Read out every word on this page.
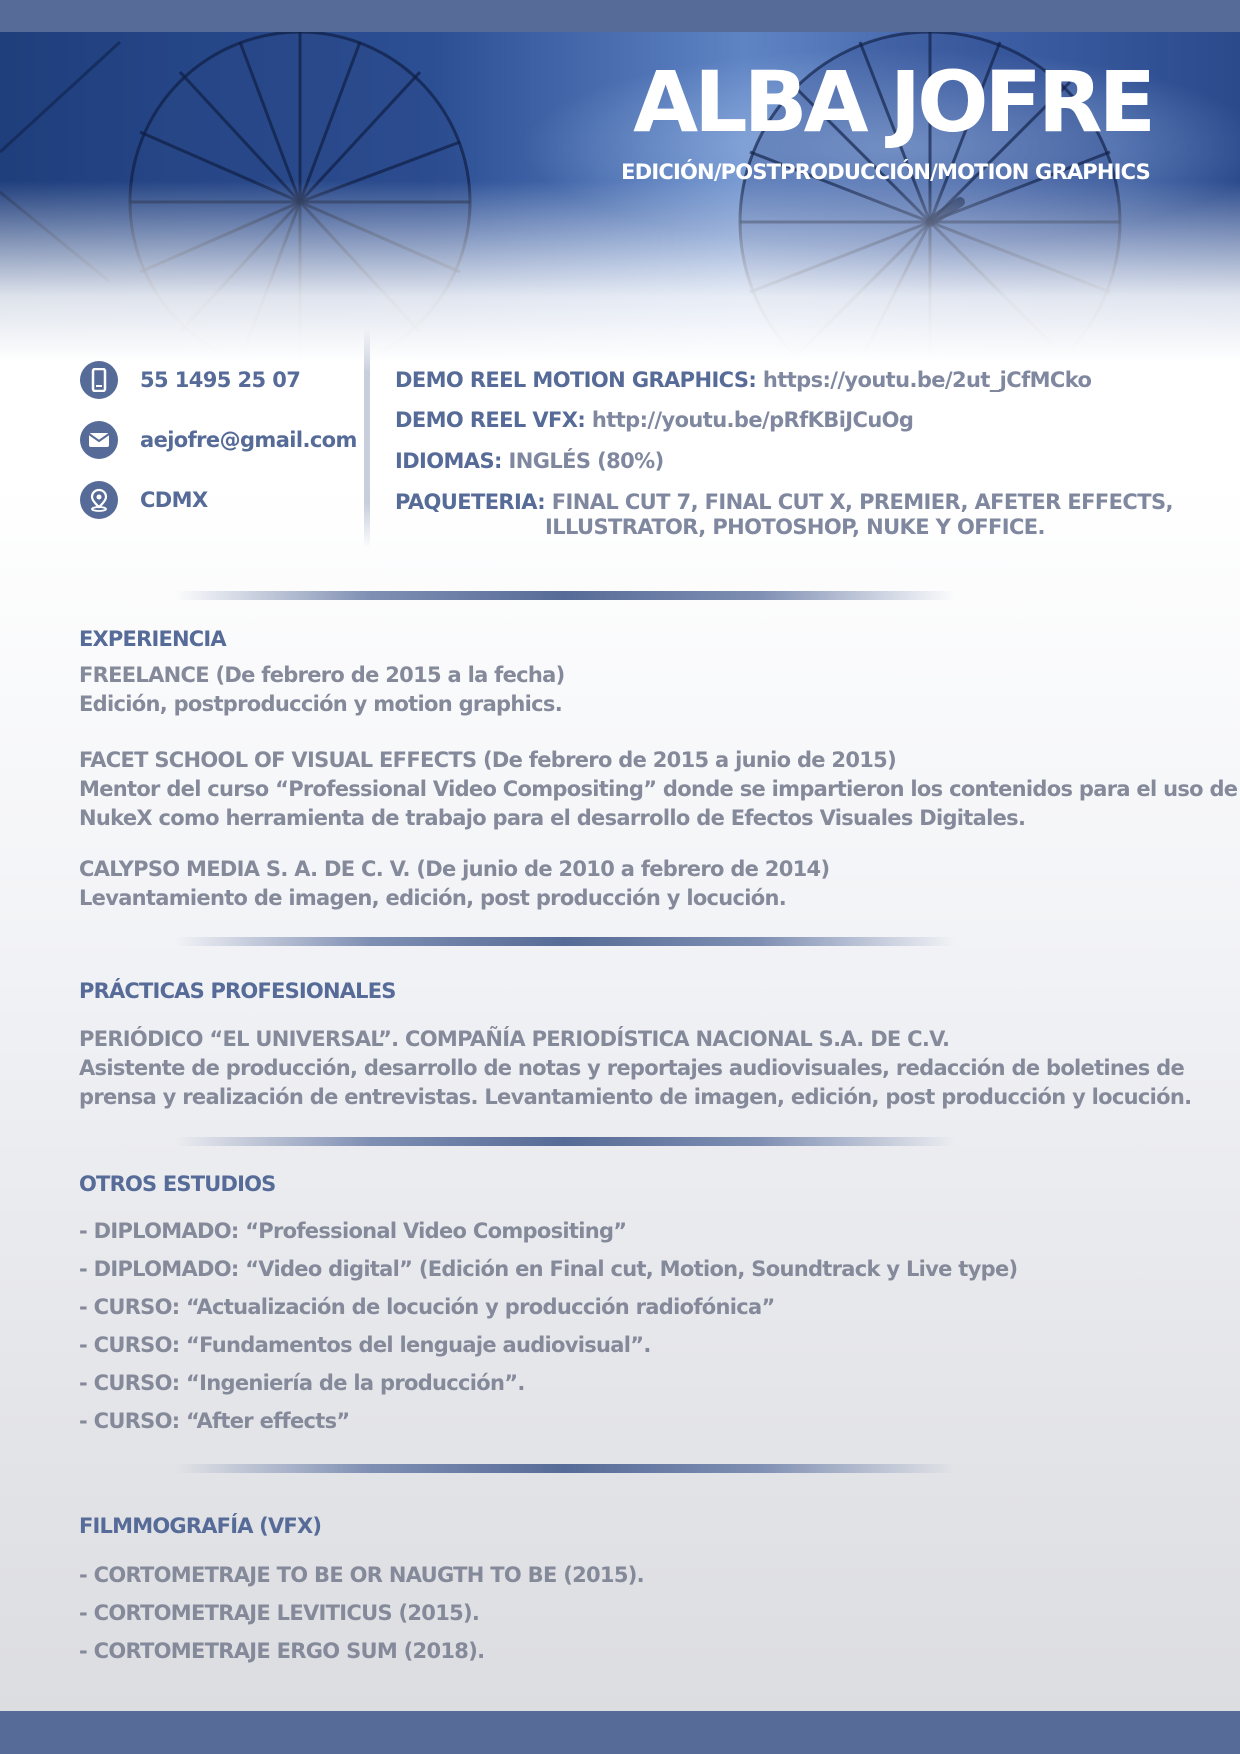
ALBA JOFRE
EDICIÓN/POSTPRODUCCIÓN/MOTION GRAPHICS
55 1495 25 07
aejofre@gmail.com
CDMX
DEMO REEL MOTION GRAPHICS: https://youtu.be/2ut_jCfMCko
DEMO REEL VFX: http://youtu.be/pRfKBiJCuOg
IDIOMAS: INGLÉS (80%)
PAQUETERIA: FINAL CUT 7, FINAL CUT X, PREMIER, AFETER EFFECTS,
ILLUSTRATOR, PHOTOSHOP, NUKE Y OFFICE.
EXPERIENCIA
FREELANCE (De febrero de 2015 a la fecha)
Edición, postproducción y motion graphics.
FACET SCHOOL OF VISUAL EFFECTS (De febrero de 2015 a junio de 2015)
Mentor del curso “Professional Video Compositing” donde se impartieron los contenidos para el uso de
NukeX como herramienta de trabajo para el desarrollo de Efectos Visuales Digitales.
CALYPSO MEDIA S. A. DE C. V. (De junio de 2010 a febrero de 2014)
Levantamiento de imagen, edición, post producción y locución.
PRÁCTICAS PROFESIONALES
PERIÓDICO “EL UNIVERSAL”. COMPAÑÍA PERIODÍSTICA NACIONAL S.A. DE C.V.
Asistente de producción, desarrollo de notas y reportajes audiovisuales, redacción de boletines de
prensa y realización de entrevistas. Levantamiento de imagen, edición, post producción y locución.
OTROS ESTUDIOS
- DIPLOMADO: “Professional Video Compositing”
- DIPLOMADO: “Video digital” (Edición en Final cut, Motion, Soundtrack y Live type)
- CURSO: “Actualización de locución y producción radiofónica”
- CURSO: “Fundamentos del lenguaje audiovisual”.
- CURSO: “Ingeniería de la producción”.
- CURSO: “After effects”
FILMMOGRAFÍA (VFX)
- CORTOMETRAJE TO BE OR NAUGTH TO BE (2015).
- CORTOMETRAJE LEVITICUS (2015).
- CORTOMETRAJE ERGO SUM (2018).
